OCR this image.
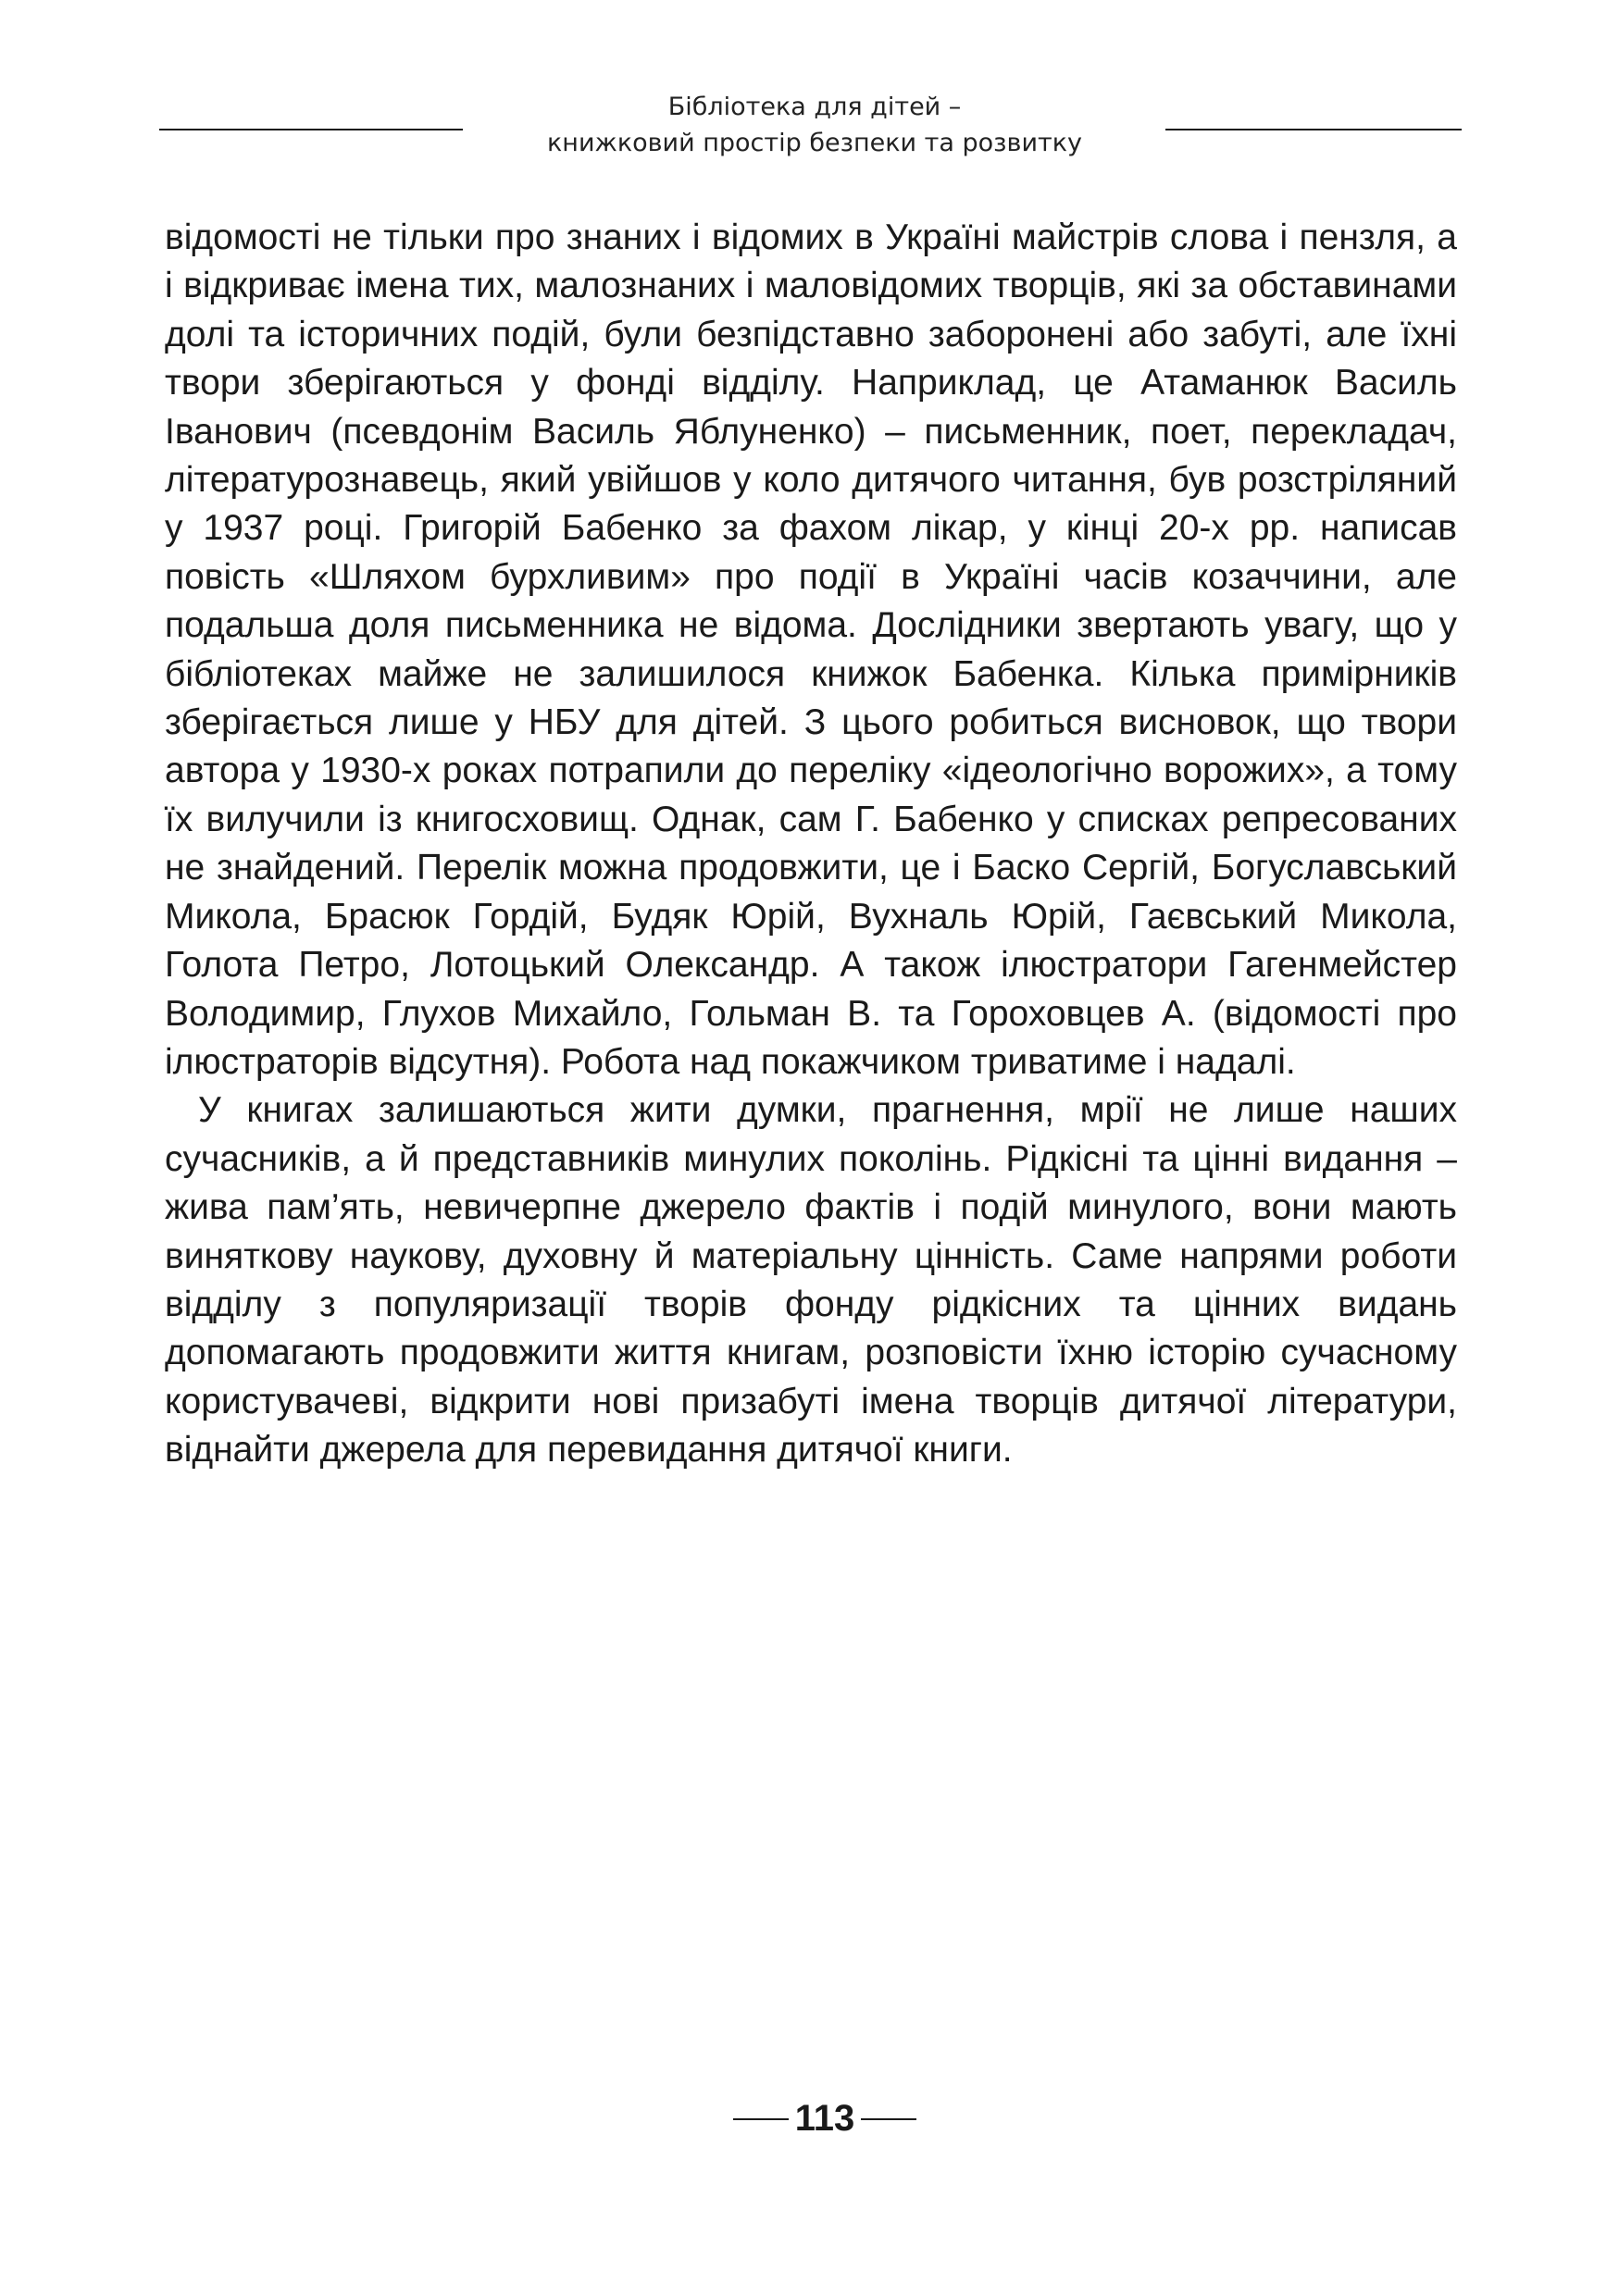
Бібліотека для дітей –
книжковий простір безпеки та розвитку

відомості не тільки про знаних і відомих в Україні майстрів слова і пензля, а і відкриває імена тих, малознаних і маловідомих творців, які за обставинами долі та історичних подій, були безпідставно заборонені або забуті, але їхні твори зберігаються у фонді відділу. Наприклад, це Атаманюк Василь Іванович (псевдонім Василь Яблуненко) – письменник, поет, перекладач, літературознавець, який увійшов у коло дитячого читання, був розстріляний у 1937 році. Григорій Бабенко за фахом лікар, у кінці 20-х рр. написав повість «Шляхом бурхливим» про події в Україні часів козаччини, але подальша доля письменника не відома. Дослідники звертають увагу, що у бібліотеках майже не залишилося книжок Бабенка. Кілька примірників зберігається лише у НБУ для дітей. З цього робиться висновок, що твори автора у 1930-х роках потрапили до переліку «ідеологічно ворожих», а тому їх вилучили із книгосховищ. Однак, сам Г. Бабенко у списках репресованих не знайдений. Перелік можна продовжити, це і Баско Сергій, Богуславський Микола, Брасюк Гордій, Будяк Юрій, Вухналь Юрій, Гаєвський Микола, Голота Петро, Лотоцький Олександр. А також ілюстратори Гагенмейстер Володимир, Глухов Михайло, Гольман В. та Гороховцев А. (відомості про ілюстраторів відсутня). Робота над покажчиком триватиме і надалі.

У книгах залишаються жити думки, прагнення, мрії не лише наших сучасників, а й представників минулих поколінь. Рідкісні та цінні видання – жива пам’ять, невичерпне джерело фактів і подій минулого, вони мають виняткову наукову, духовну й матеріальну цінність. Саме напрями роботи відділу з популяризації творів фонду рідкісних та цінних видань допомагають продовжити життя книгам, розповісти їхню історію сучасному користувачеві, відкрити нові призабуті імена творців дитячої літератури, віднайти джерела для перевидання дитячої книги.

113
